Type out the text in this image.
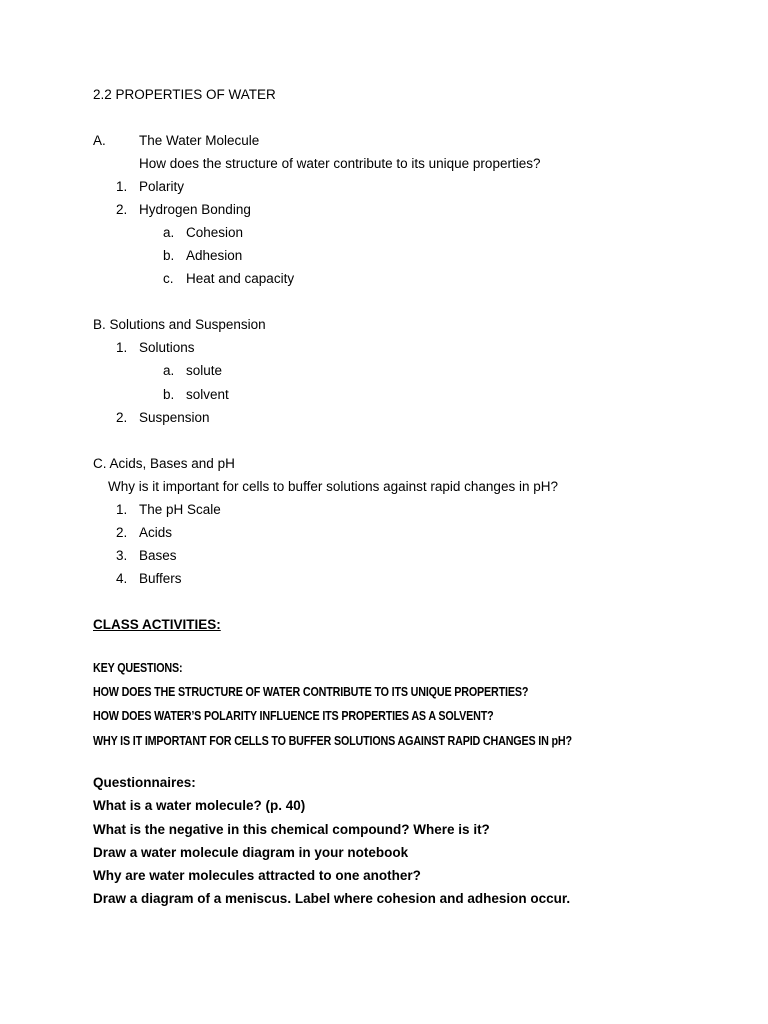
2.2 PROPERTIES OF WATER
A. The Water Molecule
How does the structure of water contribute to its unique properties?
1. Polarity
2. Hydrogen Bonding
a. Cohesion
b. Adhesion
c. Heat and capacity
B. Solutions and Suspension
1. Solutions
a. solute
b. solvent
2. Suspension
C. Acids, Bases and pH
Why is it important for cells to buffer solutions against rapid changes in pH?
1. The pH Scale
2. Acids
3. Bases
4. Buffers
CLASS ACTIVITIES:
KEY QUESTIONS:
HOW DOES THE STRUCTURE OF WATER CONTRIBUTE TO ITS UNIQUE PROPERTIES?
HOW DOES WATER’S POLARITY INFLUENCE ITS PROPERTIES AS A SOLVENT?
WHY IS IT IMPORTANT FOR CELLS TO BUFFER SOLUTIONS AGAINST RAPID CHANGES IN pH?
Questionnaires:
What is a water molecule? (p. 40)
What is the negative in this chemical compound? Where is it?
Draw a water molecule diagram in your notebook
Why are water molecules attracted to one another?
Draw a diagram of a meniscus. Label where cohesion and adhesion occur.
